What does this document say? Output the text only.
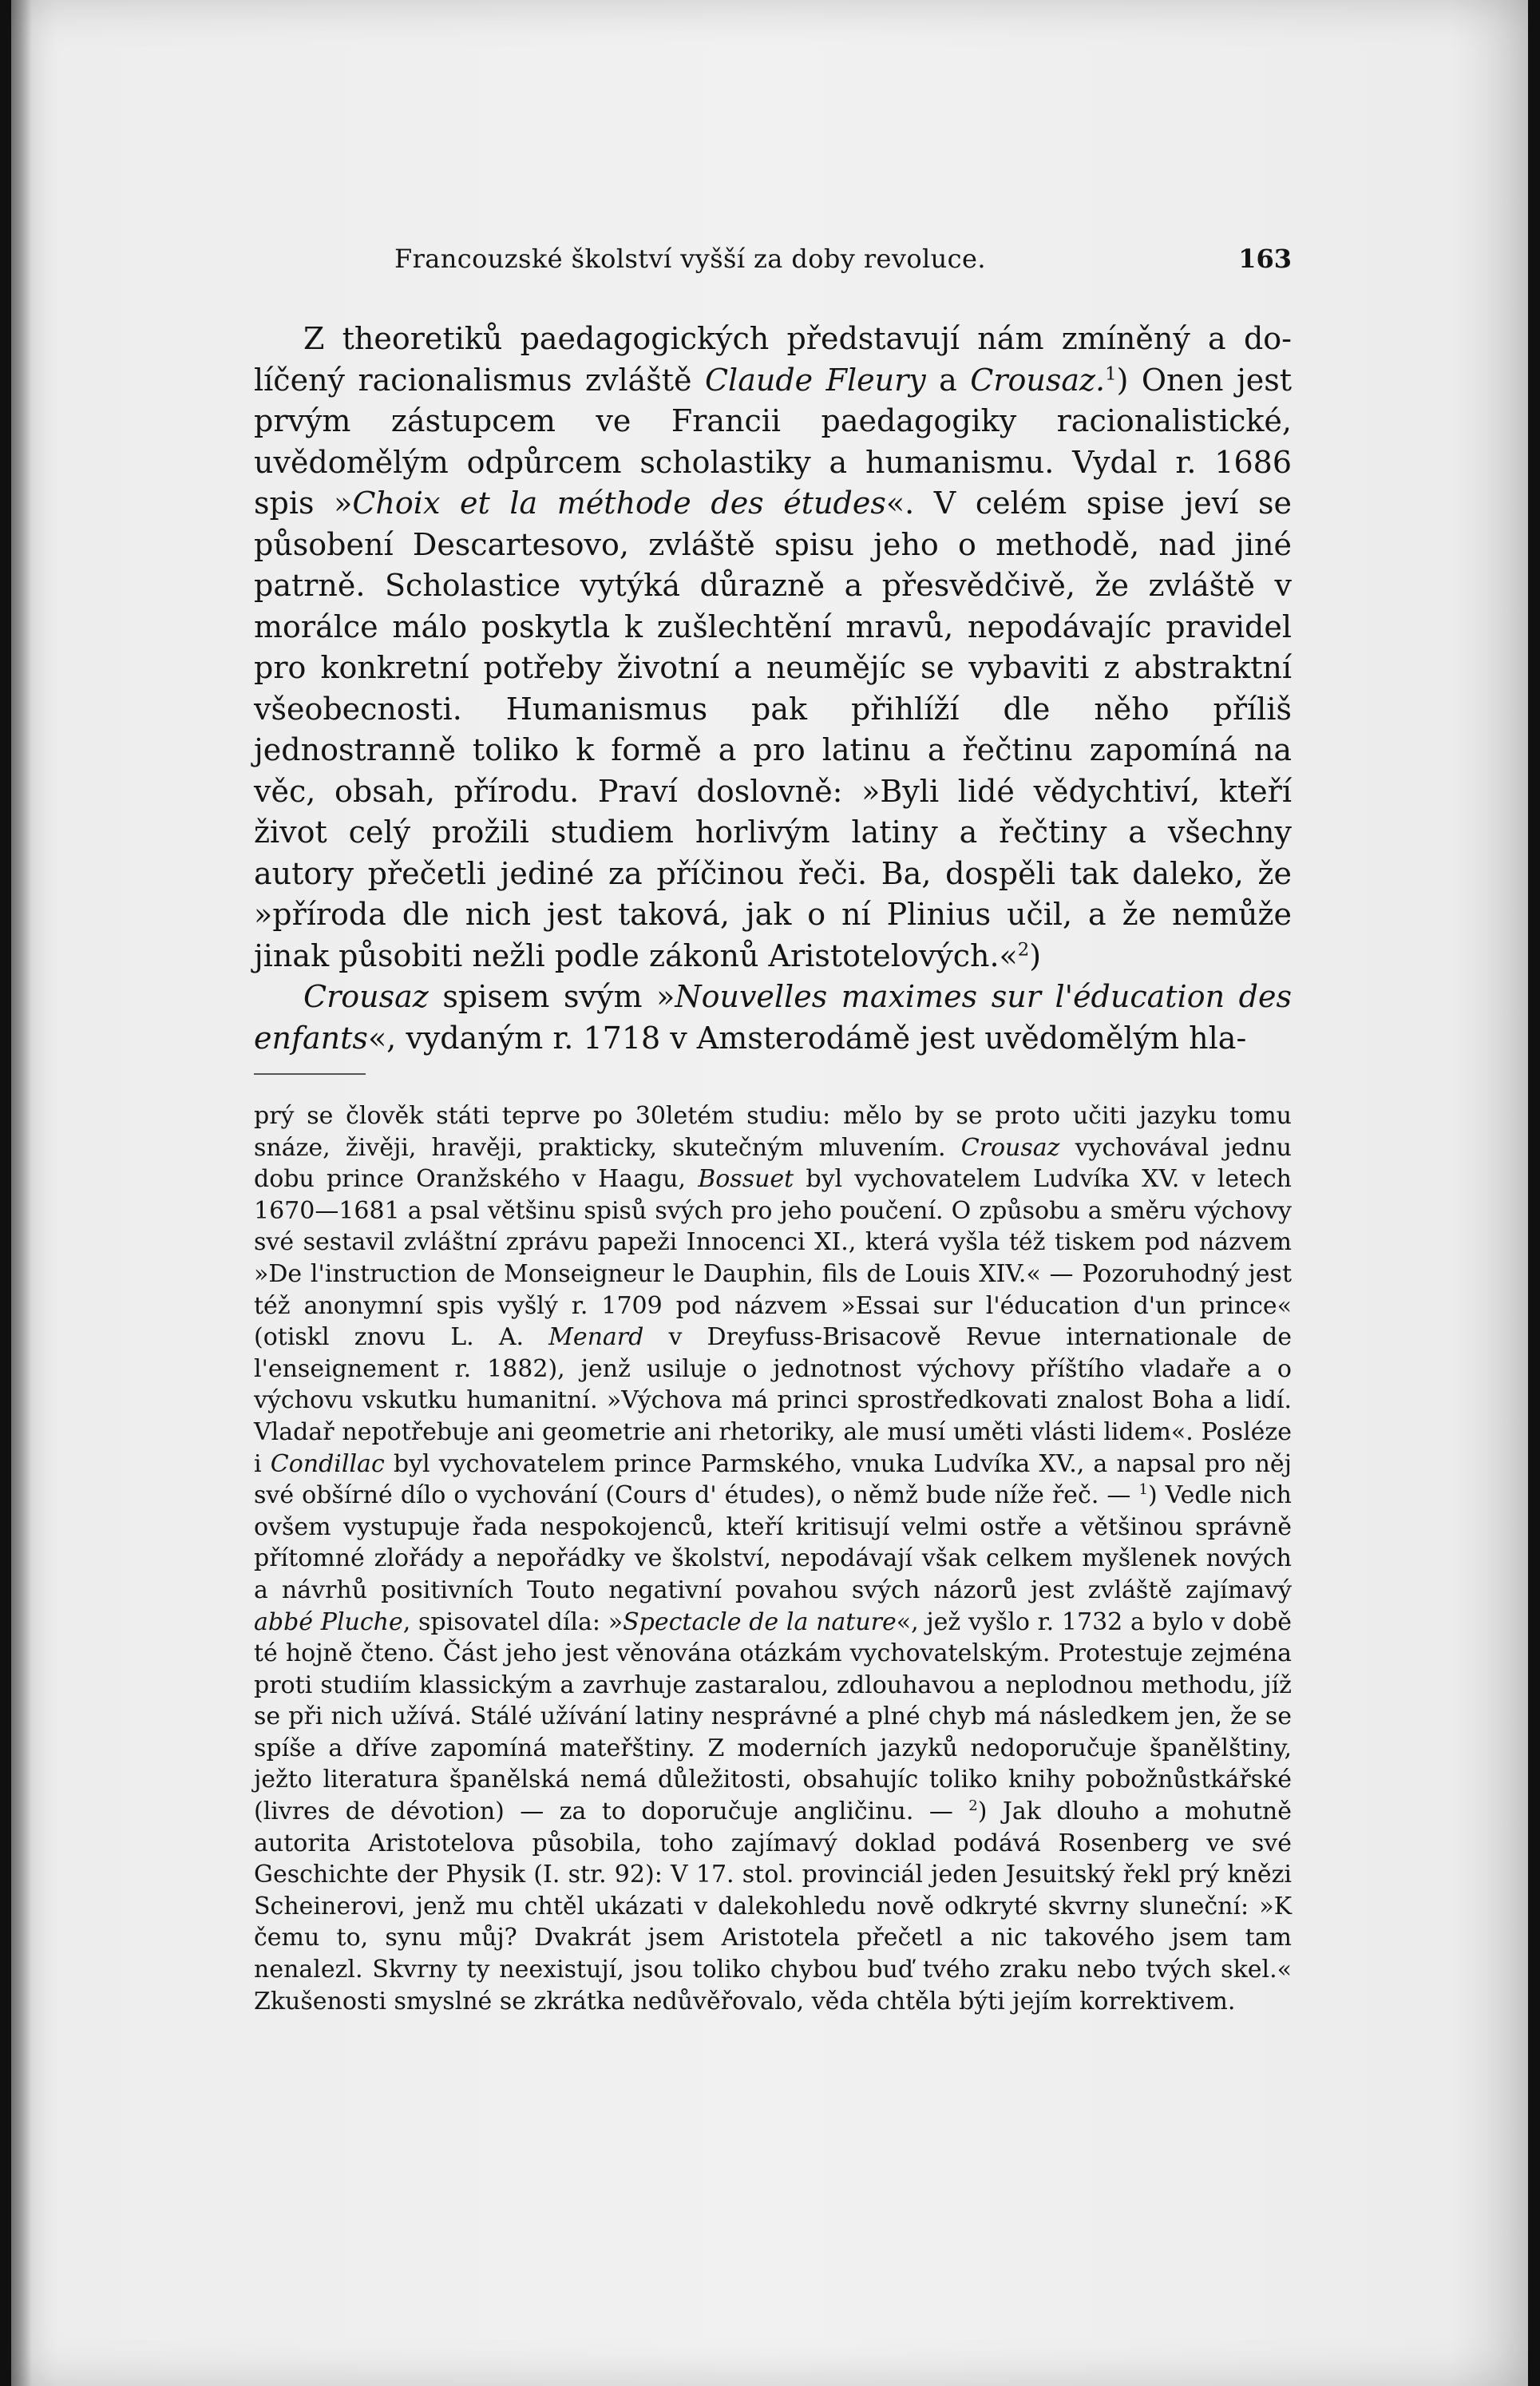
Francouzské školství vyšší za doby revoluce.	163

Z theoretiků paedagogických představují nám zmíněný a dolíčený racionalismus zvláště Claude Fleury a Crousaz.$^1$) Onen jest prvým zástupcem ve Francii paedagogiky racionalistické, uvědomělým odpůrcem scholastiky a humanismu. Vydal r. 1686 spis »Choix et la méthode des études«. V celém spise jeví se působení Descartesovo, zvláště spisu jeho o methodě, nad jiné patrně. Scholastice vytýká důrazně a přesvědčivě, že zvláště v morálce málo poskytla k zušlechtění mravů, nepodávajíc pravidel pro konkretní potřeby životní a neumějíc se vybaviti z abstraktní všeobecnosti. Humanismus pak přihlíží dle něho příliš jednostranně toliko k formě a pro latinu a řečtinu zapomíná na věc, obsah, přírodu. Praví doslovně: »Byli lidé vědychtiví, kteří život celý prožili studiem horlivým latiny a řečtiny a všechny autory přečetli jediné za příčinou řeči. Ba, dospěli tak daleko, že »příroda dle nich jest taková, jak o ní Plinius učil, a že nemůže jinak působiti nežli podle zákonů Aristotelových.«$^2$)

Crousaz spisem svým »Nouvelles maximes sur l'éducation des enfants«, vydaným r. 1718 v Amsterodámě jest uvědomělým hla-

prý se člověk státi teprve po 30letém studiu: mělo by se proto učiti jazyku tomu snáze, živěji, hravěji, prakticky, skutečným mluvením. Crousaz vychovával jednu dobu prince Oranžského v Haagu, Bossuet byl vychovatelem Ludvíka XV. v letech 1670—1681 a psal většinu spisů svých pro jeho poučení. O způsobu a směru výchovy své sestavil zvláštní zprávu papeži Innocenci XI., která vyšla též tiskem pod názvem »De l'instruction de Monseigneur le Dauphin, fils de Louis XIV.« — Pozoruhodný jest též anonymní spis vyšlý r. 1709 pod názvem »Essai sur l'éducation d'un prince« (otiskl znovu L. A. Menard v Dreyfuss-Brisacově Revue internationale de l'enseignement r. 1882), jenž usiluje o jednotnost výchovy příštího vladaře a o výchovu vskutku humanitní. »Výchova má princi sprostředkovati znalost Boha a lidí. Vladař nepotřebuje ani geometrie ani rhetoriky, ale musí uměti vlásti lidem«. Posléze i Condillac byl vychovatelem prince Parmského, vnuka Ludvíka XV., a napsal pro něj své obšírné dílo o vychování (Cours d' études), o němž bude níže řeč. — $^1$) Vedle nich ovšem vystupuje řada nespokojenců, kteří kritisují velmi ostře a většinou správně přítomné zlořády a nepořádky ve školství, nepodávají však celkem myšlenek nových a návrhů positivních Touto negativní povahou svých názorů jest zvláště zajímavý abbé Pluche, spisovatel díla: »Spectacle de la nature«, jež vyšlo r. 1732 a bylo v době té hojně čteno. Část jeho jest věnována otázkám vychovatelským. Protestuje zejména proti studiím klassickým a zavrhuje zastaralou, zdlouhavou a neplodnou methodu, jíž se při nich užívá. Stálé užívání latiny nesprávné a plné chyb má následkem jen, že se spíše a dříve zapomíná mateřštiny. Z moderních jazyků nedoporučuje španělštiny, ježto literatura španělská nemá důležitosti, obsahujíc toliko knihy pobožnůstkářské (livres de dévotion) — za to doporučuje angličinu. — $^2$) Jak dlouho a mohutně autorita Aristotelova působila, toho zajímavý doklad podává Rosenberg ve své Geschichte der Physik (I. str. 92): V 17. stol. provinciál jeden Jesuitský řekl prý knězi Scheinerovi, jenž mu chtěl ukázati v dalekohledu nově odkryté skvrny sluneční: »K čemu to, synu můj? Dvakrát jsem Aristotela přečetl a nic takového jsem tam nenalezl. Skvrny ty neexistují, jsou toliko chybou buď tvého zraku nebo tvých skel.« Zkušenosti smyslné se zkrátka nedůvěřovalo, věda chtěla býti jejím korrektivem.
